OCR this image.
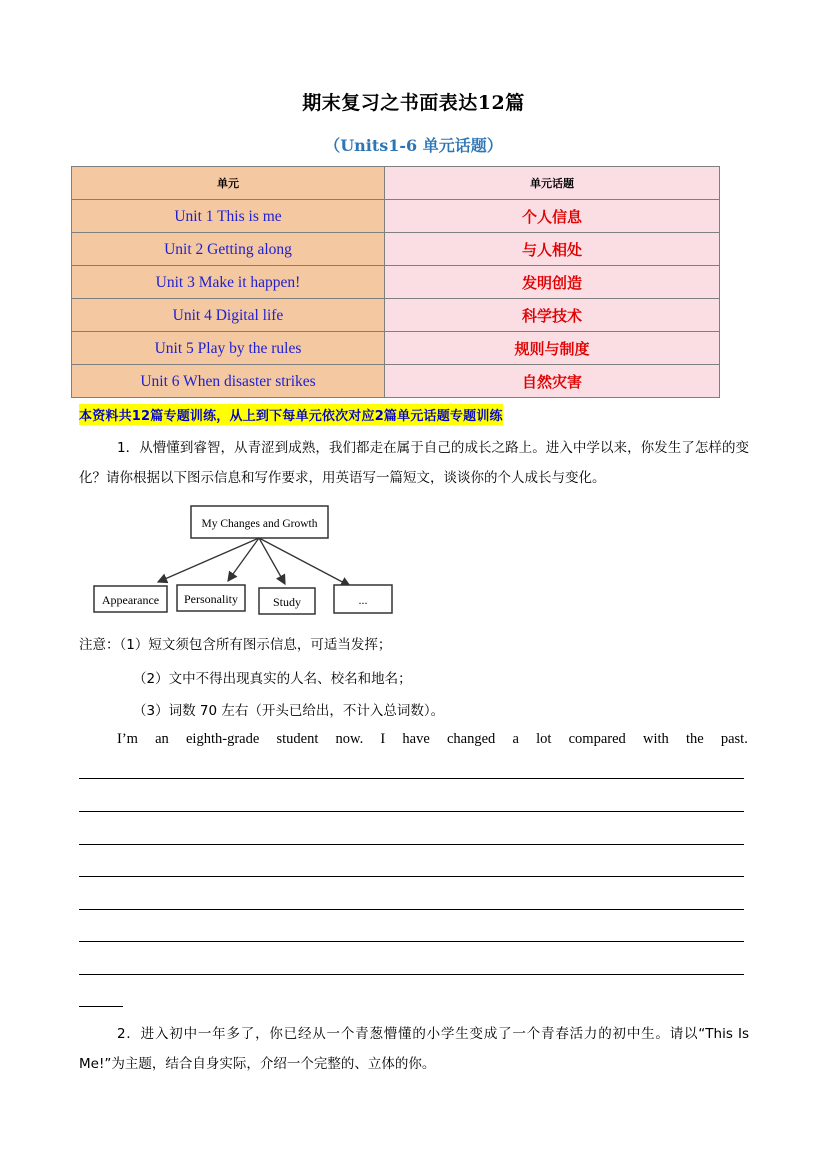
期末复习之书面表达12篇
（Units1-6 单元话题）
单元	单元话题
Unit 1 This is me	个人信息
Unit 2 Getting along	与人相处
Unit 3 Make it happen!	发明创造
Unit 4 Digital life	科学技术
Unit 5 Play by the rules	规则与制度
Unit 6 When disaster strikes	自然灾害
本资料共12篇专题训练，从上到下每单元依次对应2篇单元话题专题训练
1．从懵懂到睿智，从青涩到成熟，我们都走在属于自己的成长之路上。进入中学以来，你发生了怎样的变化？请你根据以下图示信息和写作要求，用英语写一篇短文，谈谈你的个人成长与变化。
My Changes and Growth
Appearance Personality	Study	...
注意：（1）短文须包含所有图示信息，可适当发挥；
（2）文中不得出现真实的人名、校名和地名；
（3）词数 70 左右（开头已给出，不计入总词数）。
I’m an eighth-grade student now. I have changed a lot compared with the past.
2．进入初中一年多了，你已经从一个青葱懵懂的小学生变成了一个青春活力的初中生。请以“This Is Me!”为主题，结合自身实际，介绍一个完整的、立体的你。
